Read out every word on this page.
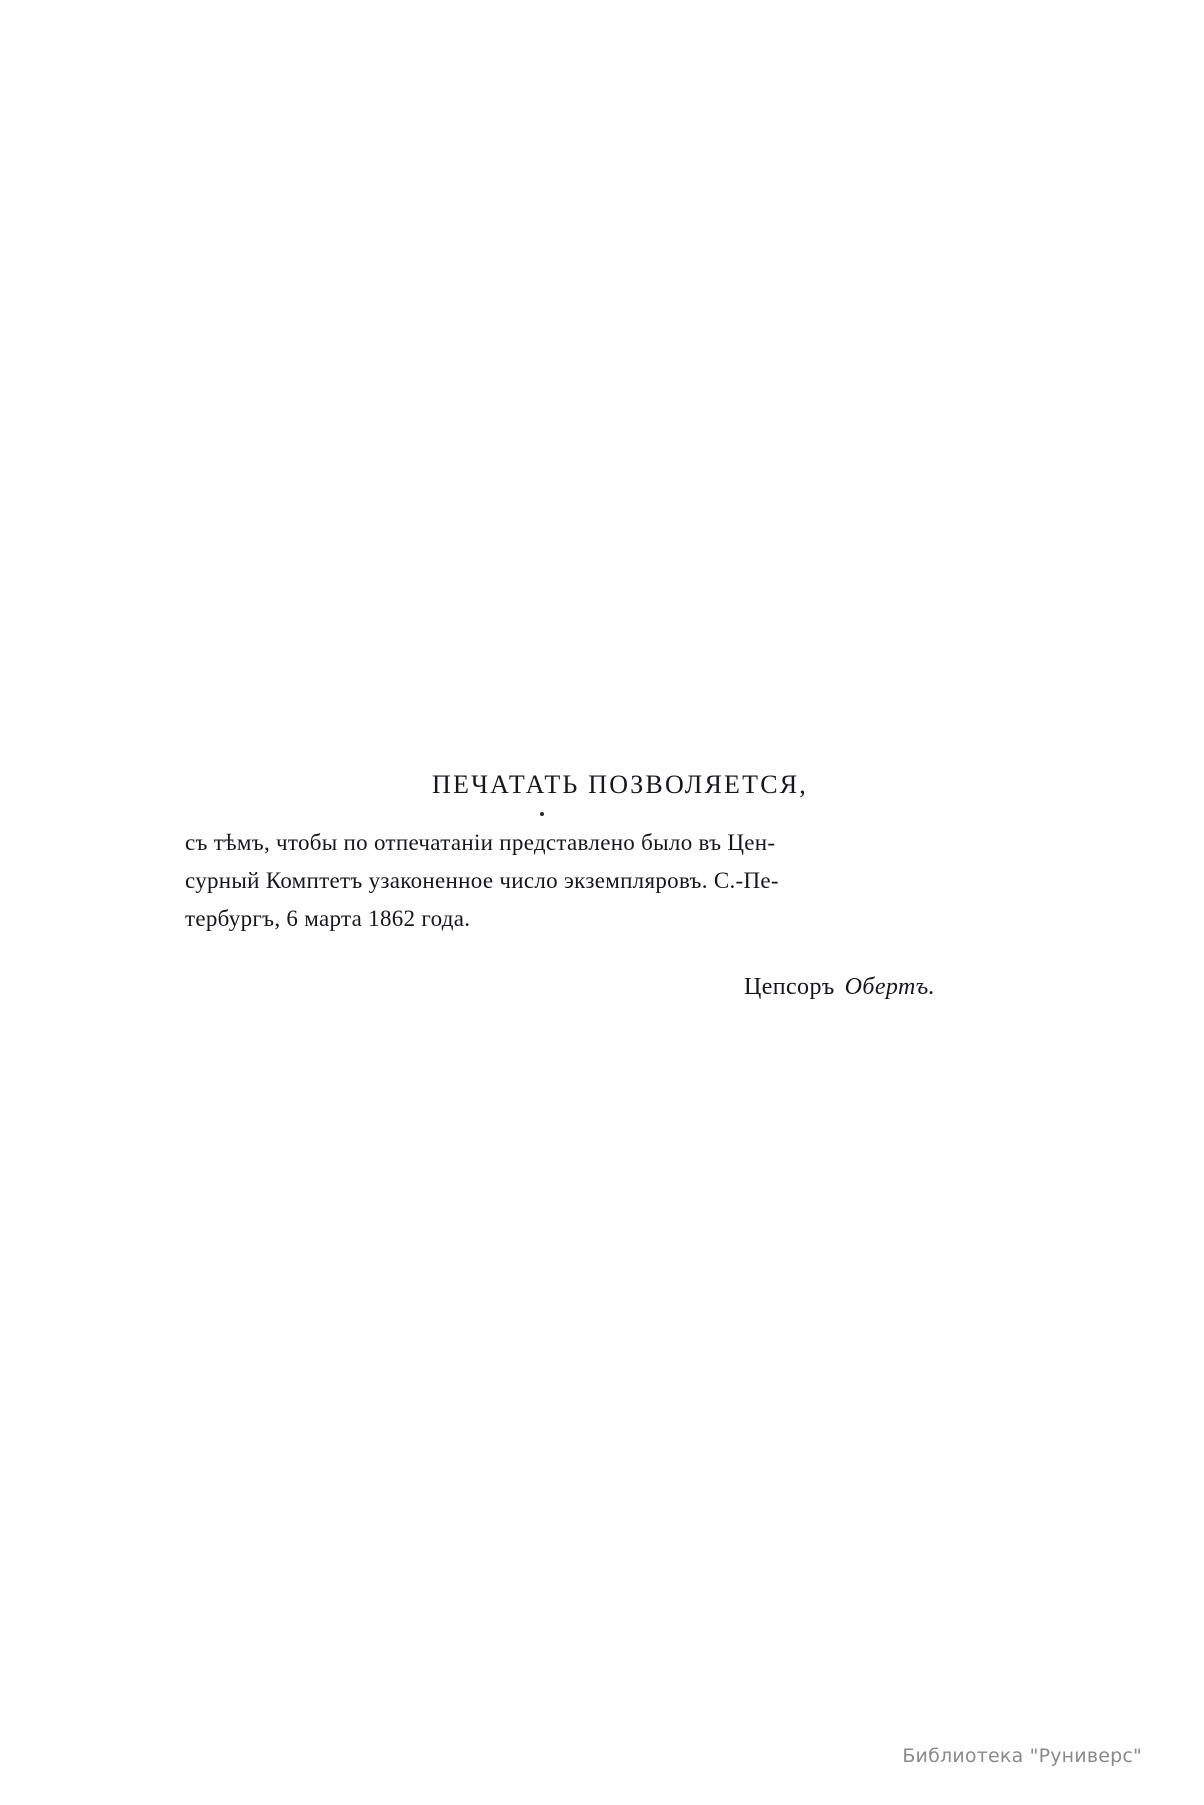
ПЕЧАТАТЬ ПОЗВОЛЯЕТСЯ,
съ тѣмъ, чтобы по отпечатаніи представлено было въ Цен-
сурный Комптетъ узаконенное число экземпляровъ. С.-Пе-
тербургъ, 6 марта 1862 года.
Цепсоръ Обертъ.
Библиотека "Руниверс"
